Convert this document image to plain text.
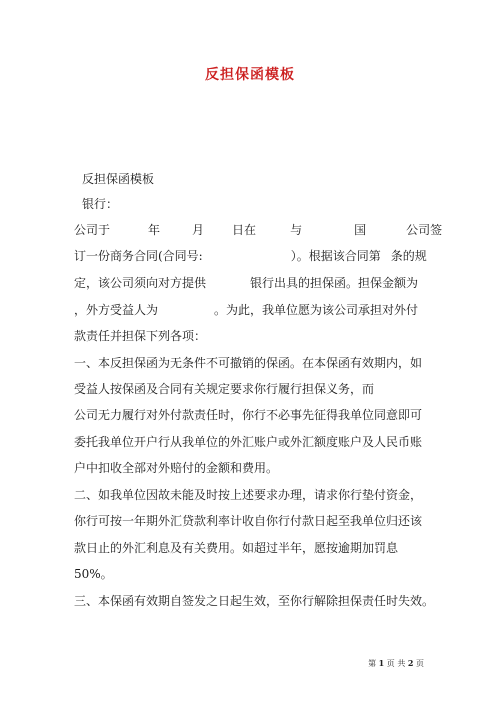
反担保函模板
反担保函模板
银行：
公司于	年	月 日在	与	国	公司签
订一份商务合同(合同号:	）。根据该合同第 条的规
定，该公司须向对方提供	银行出具的担保函。担保金额为
，外方受益人为	。为此，我单位愿为该公司承担对外付
款责任并担保下列各项：
一、本反担保函为无条件不可撤销的保函。在本保函有效期内，如
受益人按保函及合同有关规定要求你行履行担保义务，而
公司无力履行对外付款责任时，你行不必事先征得我单位同意即可
委托我单位开户行从我单位的外汇账户或外汇额度账户及人民币账
户中扣收全部对外赔付的金额和费用。
二、如我单位因故未能及时按上述要求办理，请求你行垫付资金，
你行可按一年期外汇贷款利率计收自你行付款日起至我单位归还该
款日止的外汇利息及有关费用。如超过半年，愿按逾期加罚息
50%。
三、本保函有效期自签发之日起生效，至你行解除担保责任时失效。
第 1 页 共 2 页
